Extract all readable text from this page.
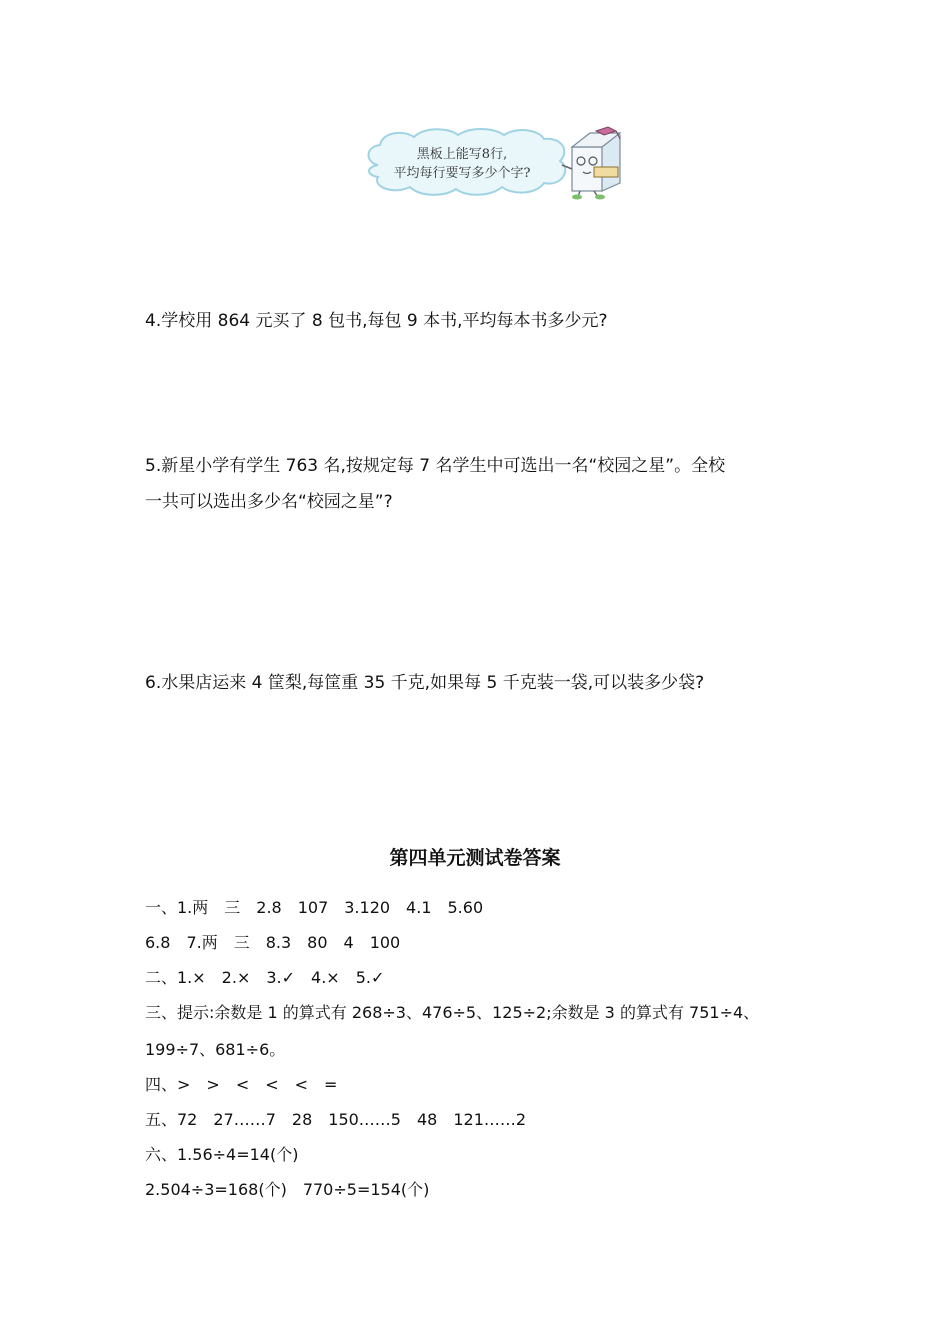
黑板上能写8行,
平均每行要写多少个字?
4.学校用 864 元买了 8 包书,每包 9 本书,平均每本书多少元?
5.新星小学有学生 763 名,按规定每 7 名学生中可选出一名“校园之星”。全校
一共可以选出多少名“校园之星”?
6.水果店运来 4 筐梨,每筐重 35 千克,如果每 5 千克装一袋,可以装多少袋?
第四单元测试卷答案
一、1.两　三　2.8　107　3.120　4.1　5.60
6.8　7.两　三　8.3　80　4　100
二、1.×　2.×　3.✓　4.×　5.✓
三、提示:余数是 1 的算式有 268÷3、476÷5、125÷2;余数是 3 的算式有 751÷4、
199÷7、681÷6。
四、>　>　<　<　<　=
五、72　27……7　28　150……5　48　121……2
六、1.56÷4=14(个)
2.504÷3=168(个)　770÷5=154(个)
